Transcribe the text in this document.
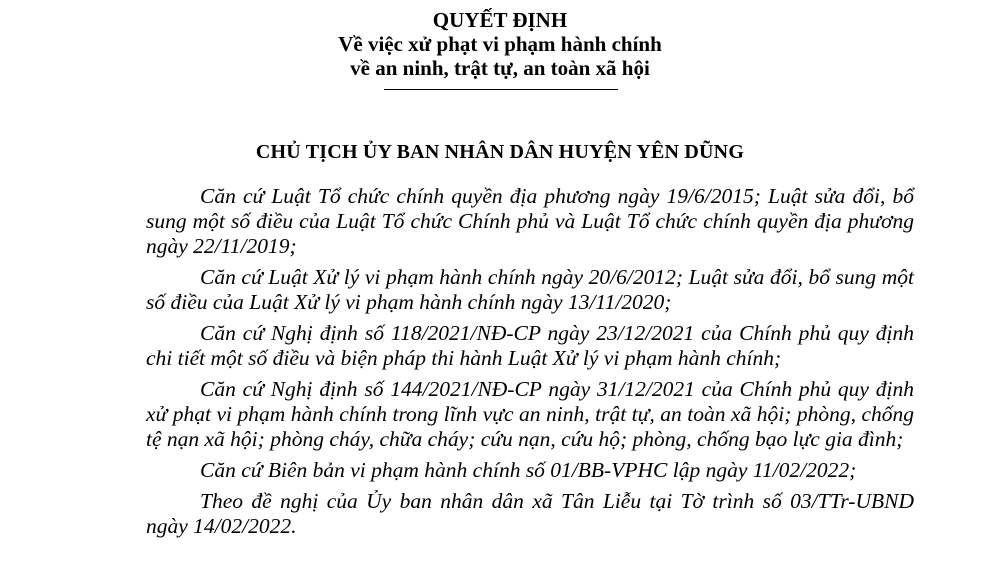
QUYẾT ĐỊNH

Về việc xử phạt vi phạm hành chính

về an ninh, trật tự, an toàn xã hội

CHỦ TỊCH ỦY BAN NHÂN DÂN HUYỆN YÊN DŨNG

Căn cứ Luật Tổ chức chính quyền địa phương ngày 19/6/2015; Luật sửa đổi, bổ sung một số điều của Luật Tổ chức Chính phủ và Luật Tổ chức chính quyền địa phương ngày 22/11/2019;

Căn cứ Luật Xử lý vi phạm hành chính ngày 20/6/2012; Luật sửa đổi, bổ sung một số điều của Luật Xử lý vi phạm hành chính ngày 13/11/2020;

Căn cứ Nghị định số 118/2021/NĐ-CP ngày 23/12/2021 của Chính phủ quy định chi tiết một số điều và biện pháp thi hành Luật Xử lý vi phạm hành chính;

Căn cứ Nghị định số 144/2021/NĐ-CP ngày 31/12/2021 của Chính phủ quy định xử phạt vi phạm hành chính trong lĩnh vực an ninh, trật tự, an toàn xã hội; phòng, chống tệ nạn xã hội; phòng cháy, chữa cháy; cứu nạn, cứu hộ; phòng, chống bạo lực gia đình;

Căn cứ Biên bản vi phạm hành chính số 01/BB-VPHC lập ngày 11/02/2022;

Theo đề nghị của Ủy ban nhân dân xã Tân Liễu tại Tờ trình số 03/TTr-UBND ngày 14/02/2022.
